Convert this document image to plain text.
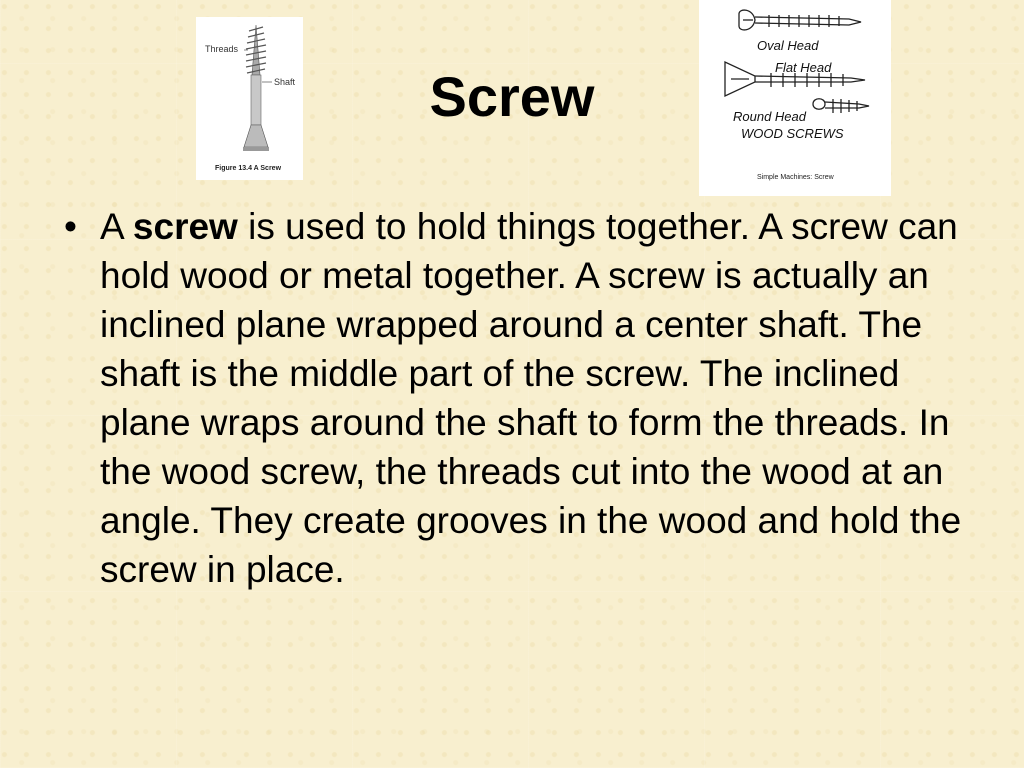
Screw
Threads
Shaft
Figure 13.4 A Screw
Oval Head
Flat Head
Round Head
WOOD SCREWS
Simple Machines: Screw
• A screw is used to hold things together. A screw can hold wood or metal together. A screw is actually an inclined plane wrapped around a center shaft. The shaft is the middle part of the screw. The inclined plane wraps around the shaft to form the threads. In the wood screw, the threads cut into the wood at an angle. They create grooves in the wood and hold the screw in place.
